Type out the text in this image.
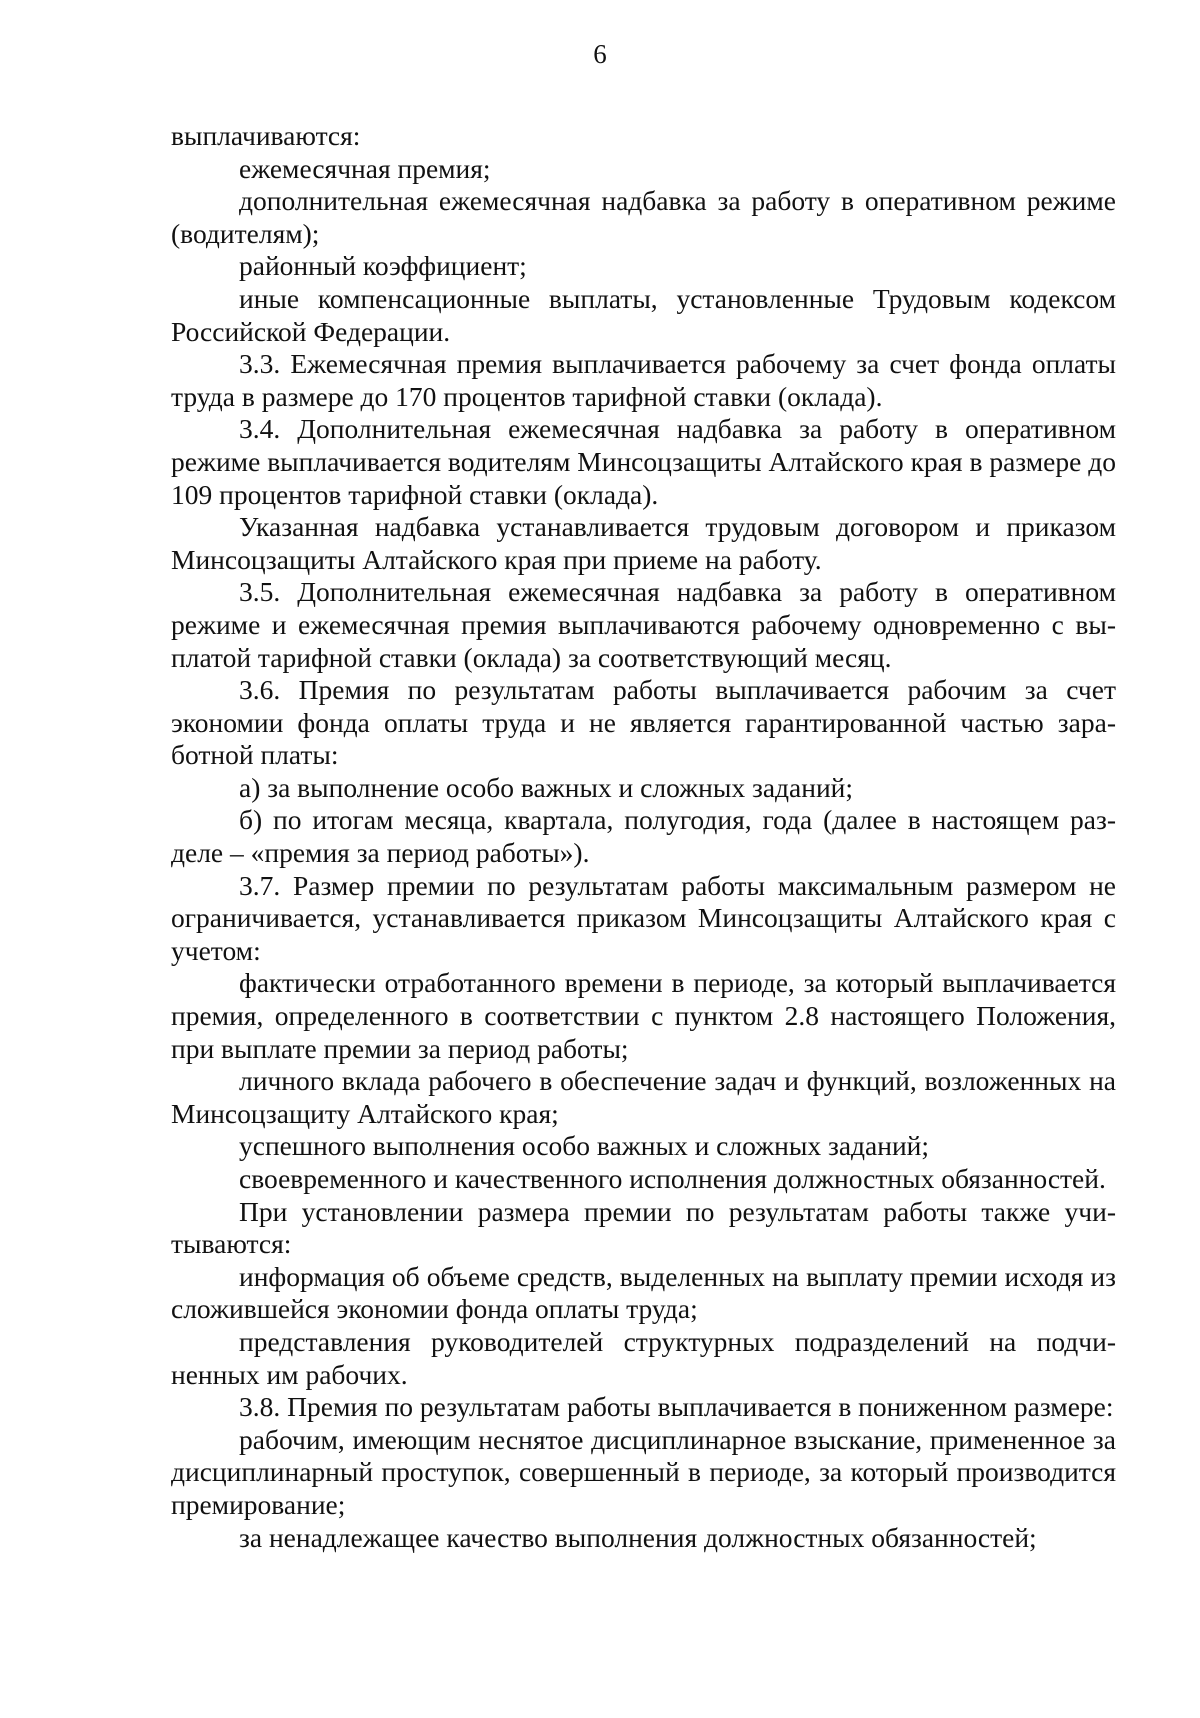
6

выплачиваются:

ежемесячная премия;

дополнительная ежемесячная надбавка за работу в оперативном режиме (водителям);

районный коэффициент;

иные компенсационные выплаты, установленные Трудовым кодексом Российской Федерации.

3.3. Ежемесячная премия выплачивается рабочему за счет фонда оплаты труда в размере до 170 процентов тарифной ставки (оклада).

3.4. Дополнительная ежемесячная надбавка за работу в оперативном режиме выплачивается водителям Минсоцзащиты Алтайского края в размере до 109 процентов тарифной ставки (оклада).

Указанная надбавка устанавливается трудовым договором и приказом Минсоцзащиты Алтайского края при приеме на работу.

3.5. Дополнительная ежемесячная надбавка за работу в оперативном режиме и ежемесячная премия выплачиваются рабочему одновременно с выплатой тарифной ставки (оклада) за соответствующий месяц.

3.6. Премия по результатам работы выплачивается рабочим за счет экономии фонда оплаты труда и не является гарантированной частью заработной платы:

а) за выполнение особо важных и сложных заданий;

б) по итогам месяца, квартала, полугодия, года (далее в настоящем разделе – «премия за период работы»).

3.7. Размер премии по результатам работы максимальным размером не ограничивается, устанавливается приказом Минсоцзащиты Алтайского края с учетом:

фактически отработанного времени в периоде, за который выплачивается премия, определенного в соответствии с пунктом 2.8 настоящего Положения, при выплате премии за период работы;

личного вклада рабочего в обеспечение задач и функций, возложенных на Минсоцзащиту Алтайского края;

успешного выполнения особо важных и сложных заданий;

своевременного и качественного исполнения должностных обязанностей.

При установлении размера премии по результатам работы также учитываются:

информация об объеме средств, выделенных на выплату премии исходя из сложившейся экономии фонда оплаты труда;

представления руководителей структурных подразделений на подчиненных им рабочих.

3.8. Премия по результатам работы выплачивается в пониженном размере:

рабочим, имеющим неснятое дисциплинарное взыскание, примененное за дисциплинарный проступок, совершенный в периоде, за который производится премирование;

за ненадлежащее качество выполнения должностных обязанностей;
